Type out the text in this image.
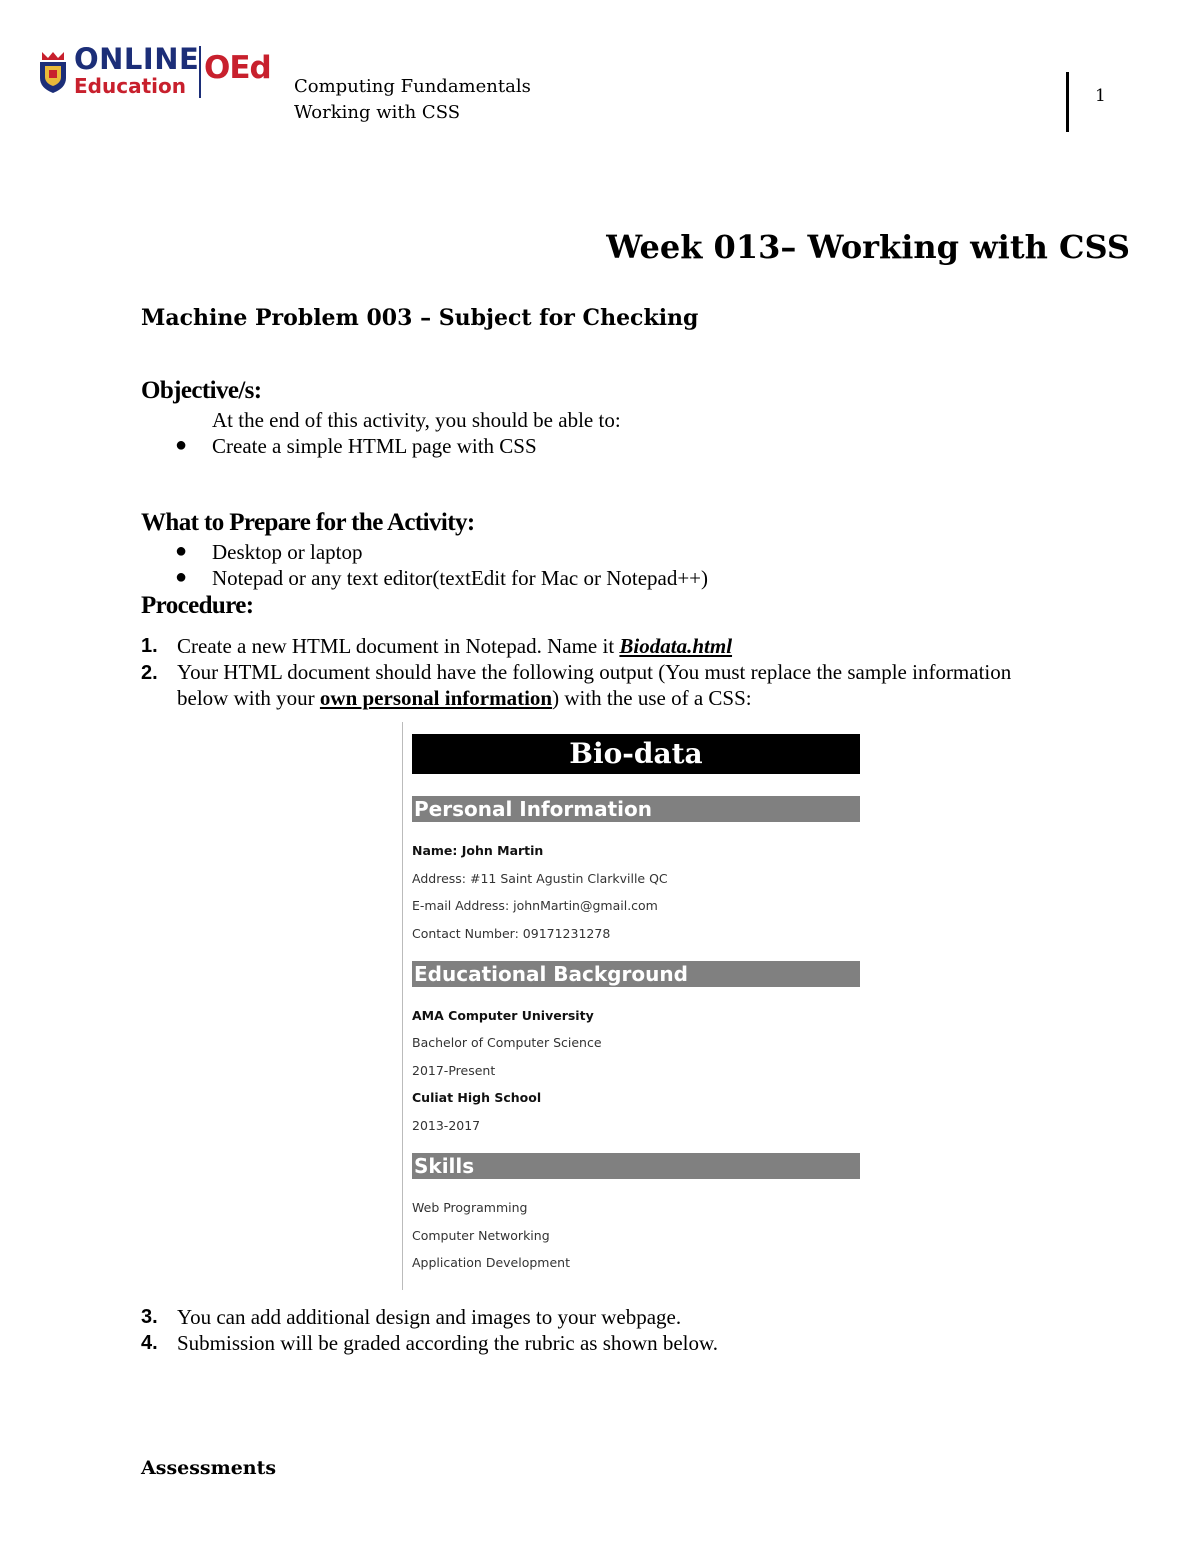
ONLINE
Education OEd
Computing Fundamentals
Working with CSS
1
Week 013– Working with CSS
Machine Problem 003 – Subject for Checking
Objective/s:
At the end of this activity, you should be able to:
● Create a simple HTML page with CSS
What to Prepare for the Activity:
● Desktop or laptop
● Notepad or any text editor(textEdit for Mac or Notepad++)
Procedure:
1. Create a new HTML document in Notepad. Name it Biodata.html
2. Your HTML document should have the following output (You must replace the sample information
below with your own personal information) with the use of a CSS:
Bio-data
Personal Information
Name: John Martin
Address: #11 Saint Agustin Clarkville QC
E-mail Address: johnMartin@gmail.com
Contact Number: 09171231278
Educational Background
AMA Computer University
Bachelor of Computer Science
2017-Present
Culiat High School
2013-2017
Skills
Web Programming
Computer Networking
Application Development
3. You can add additional design and images to your webpage.
4. Submission will be graded according the rubric as shown below.
Assessments
